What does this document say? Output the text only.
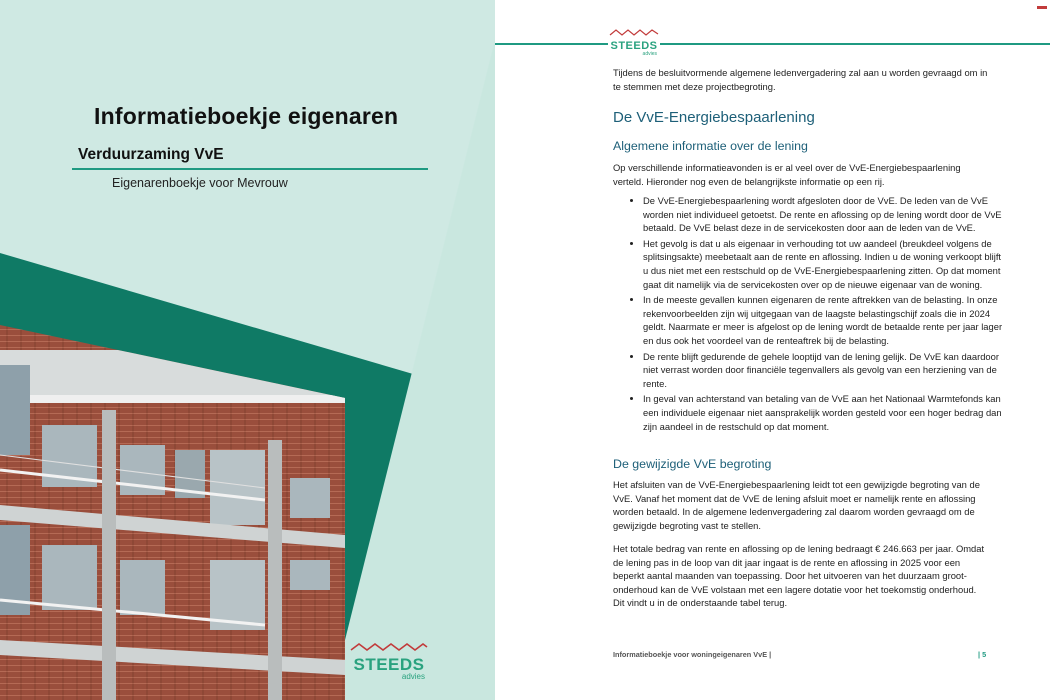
Informatieboekje eigenaren
Verduurzaming VvE
Eigenarenboekje voor Mevrouw
STEEDS
advies
STEEDS
advies

Tijdens de besluitvormende algemene ledenvergadering zal aan u worden gevraagd om in te stemmen met deze projectbegroting.

De VvE-Energiebespaarlening
Algemene informatie over de lening

Op verschillende informatieavonden is er al veel over de VvE-Energiebespaarlening verteld. Hieronder nog even de belangrijkste informatie op een rij.

• De VvE-Energiebespaarlening wordt afgesloten door de VvE. De leden van de VvE worden niet individueel getoetst. De rente en aflossing op de lening wordt door de VvE betaald. De VvE belast deze in de servicekosten door aan de leden van de VvE.
• Het gevolg is dat u als eigenaar in verhouding tot uw aandeel (breukdeel volgens de splitsingsakte) meebetaalt aan de rente en aflossing. Indien u de woning verkoopt blijft u dus niet met een restschuld op de VvE-Energiebespaarlening zitten. Op dat moment gaat dit namelijk via de servicekosten over op de nieuwe eigenaar van de woning.
• In de meeste gevallen kunnen eigenaren de rente aftrekken van de belasting. In onze rekenvoorbeelden zijn wij uitgegaan van de laagste belastingschijf zoals die in 2024 geldt. Naarmate er meer is afgelost op de lening wordt de betaalde rente per jaar lager en dus ook het voordeel van de renteaftrek bij de belasting.
• De rente blijft gedurende de gehele looptijd van de lening gelijk. De VvE kan daardoor niet verrast worden door financiële tegenvallers als gevolg van een herziening van de rente.
• In geval van achterstand van betaling van de VvE aan het Nationaal Warmtefonds kan een individuele eigenaar niet aansprakelijk worden gesteld voor een hoger bedrag dan zijn aandeel in de restschuld op dat moment.
De gewijzigde VvE begroting

Het afsluiten van de VvE-Energiebespaarlening leidt tot een gewijzigde begroting van de VvE. Vanaf het moment dat de VvE de lening afsluit moet er namelijk rente en aflossing worden betaald. In de algemene ledenvergadering zal daarom worden gevraagd om de gewijzigde begroting vast te stellen.

Het totale bedrag van rente en aflossing op de lening bedraagt € 246.663 per jaar. Omdat de lening pas in de loop van dit jaar ingaat is de rente en aflossing in 2025 voor een beperkt aantal maanden van toepassing. Door het uitvoeren van het duurzaam groot-onderhoud kan de VvE volstaan met een lagere dotatie voor het toekomstig onderhoud. Dit vindt u in de onderstaande tabel terug.

Informatieboekje voor woningeigenaren VvE |	| 5
